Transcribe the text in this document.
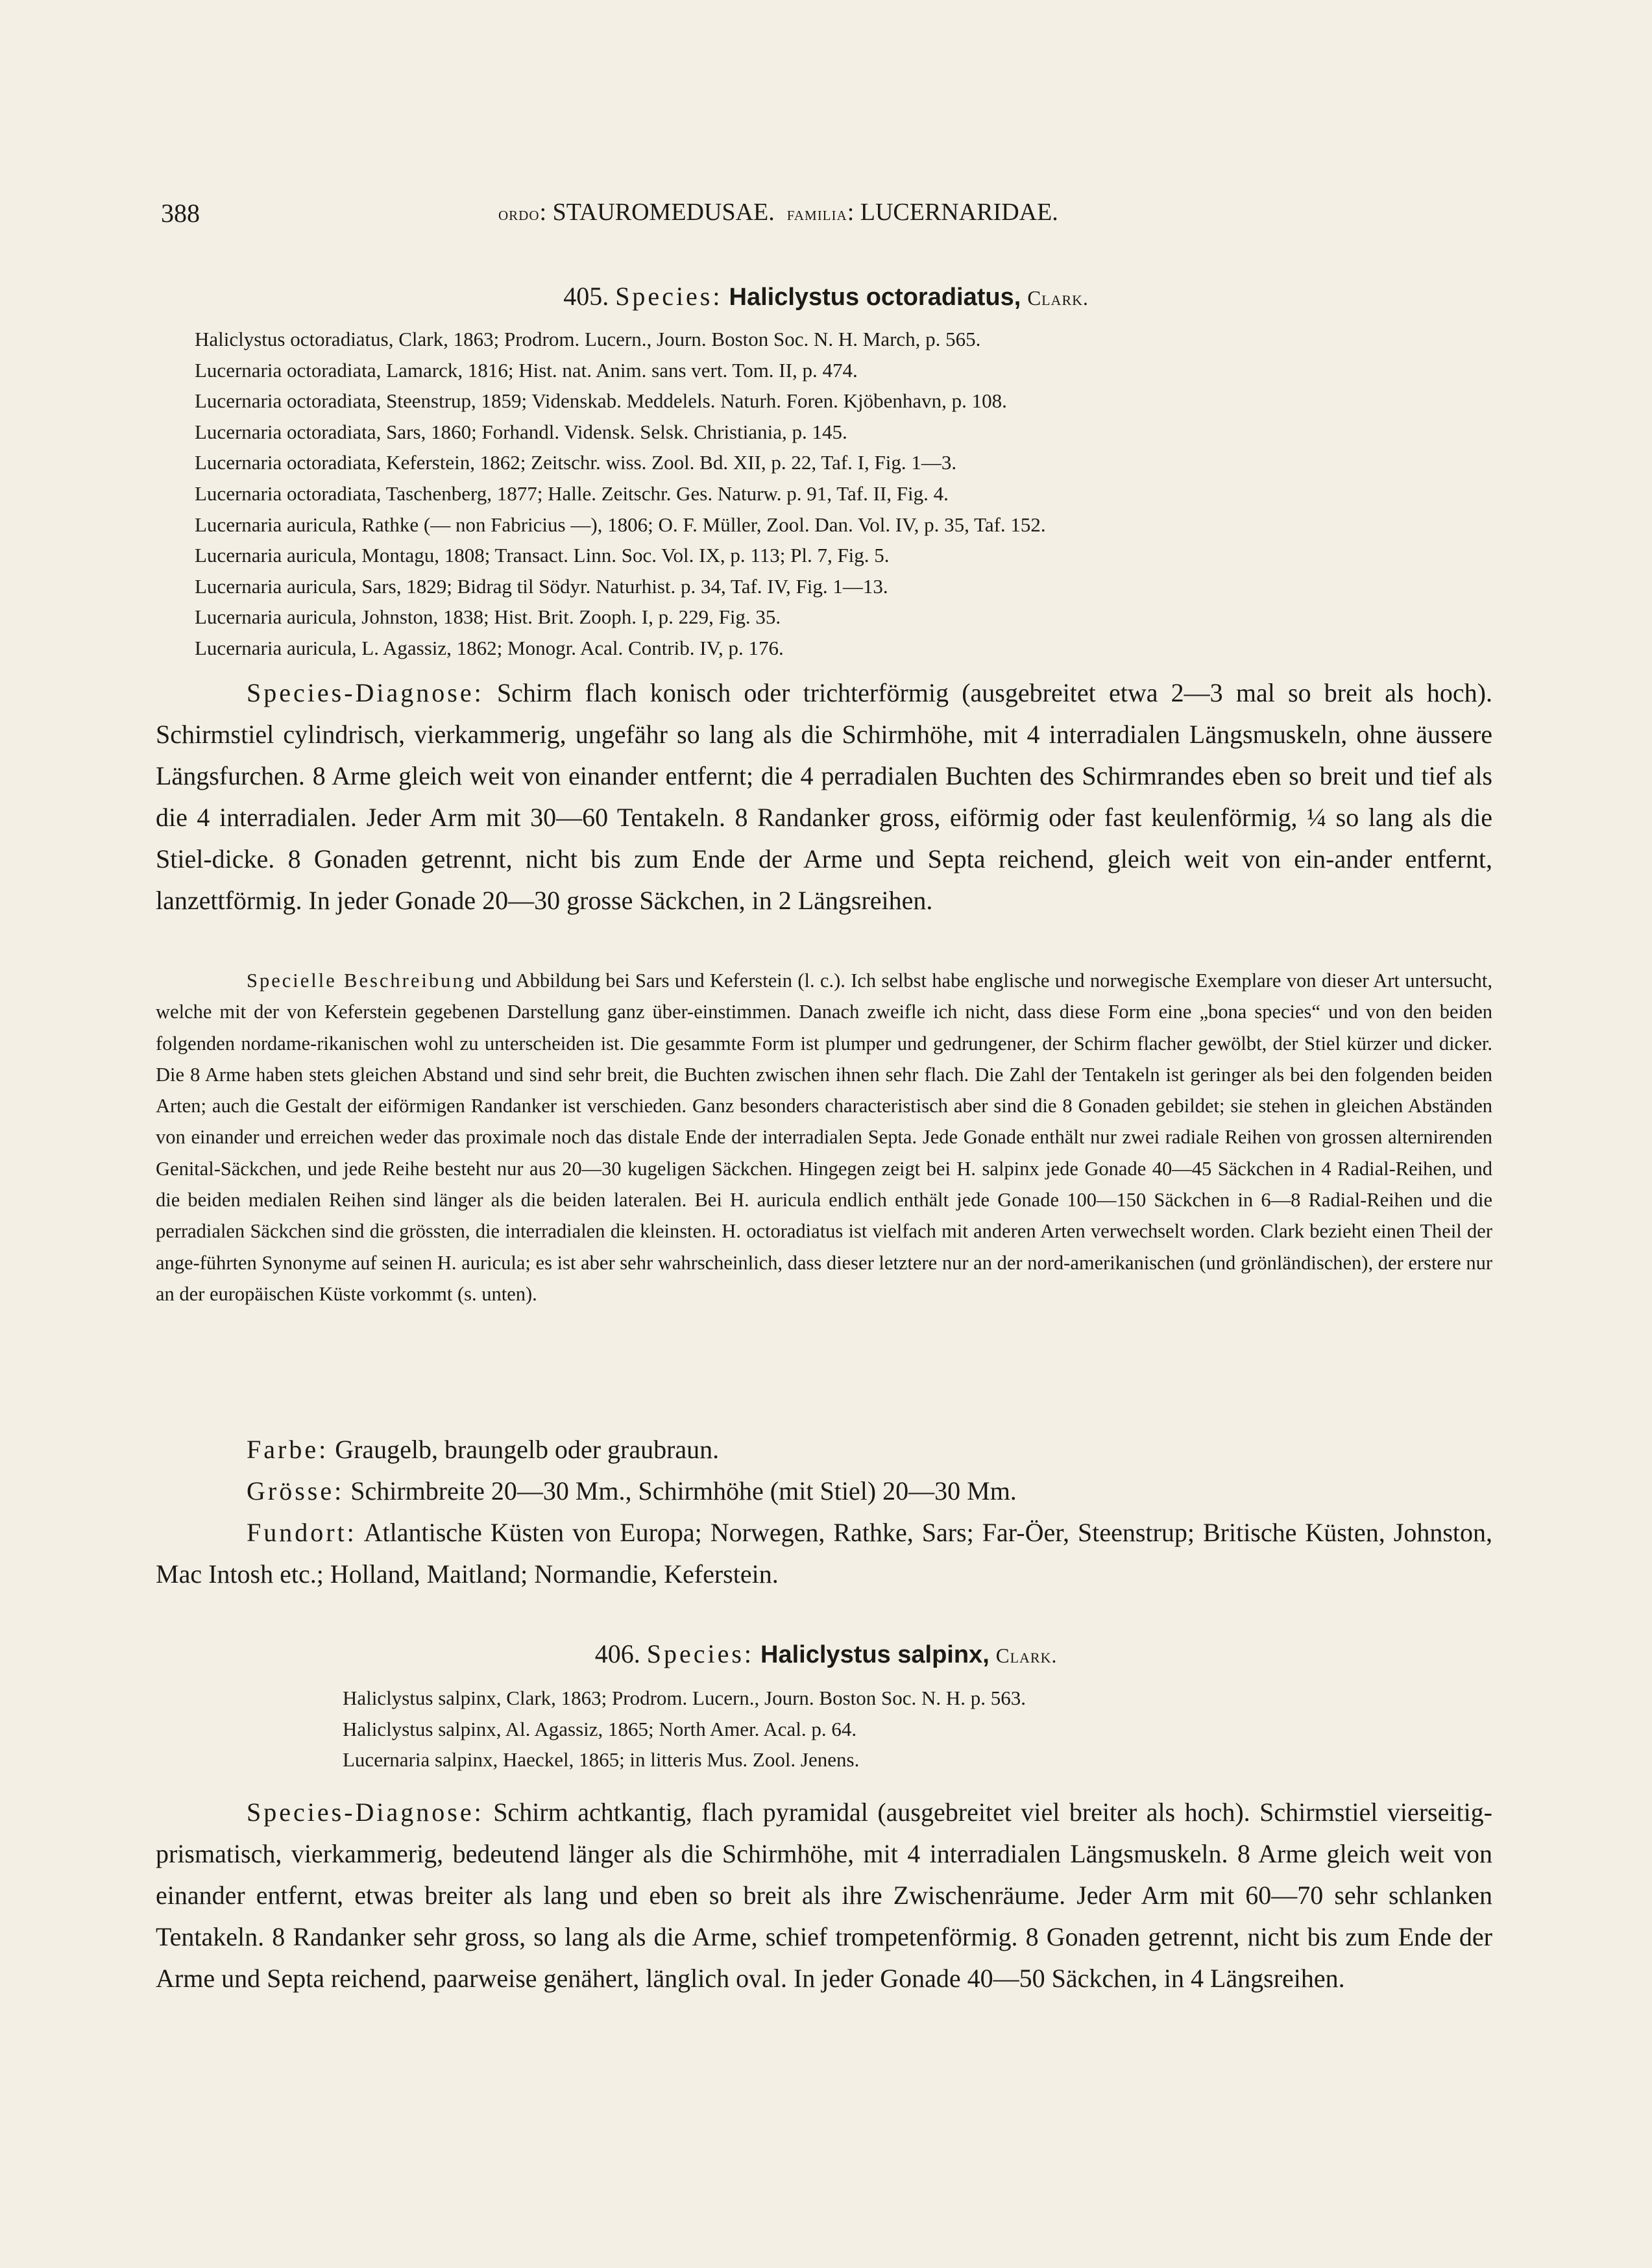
388	ordo: STAUROMEDUSAE. familia: LUCERNARIDAE.
405. Species: Haliclystus octoradiatus, Clark.
Haliclystus octoradiatus, Clark, 1863; Prodrom. Lucern., Journ. Boston Soc. N. H. March, p. 565.
Lucernaria octoradiata, Lamarck, 1816; Hist. nat. Anim. sans vert. Tom. II, p. 474.
Lucernaria octoradiata, Steenstrup, 1859; Videnskab. Meddelels. Naturh. Foren. Kjöbenhavn, p. 108.
Lucernaria octoradiata, Sars, 1860; Forhandl. Vidensk. Selsk. Christiania, p. 145.
Lucernaria octoradiata, Keferstein, 1862; Zeitschr. wiss. Zool. Bd. XII, p. 22, Taf. I, Fig. 1—3.
Lucernaria octoradiata, Taschenberg, 1877; Halle. Zeitschr. Ges. Naturw. p. 91, Taf. II, Fig. 4.
Lucernaria auricula, Rathke (— non Fabricius —), 1806; O. F. Müller, Zool. Dan. Vol. IV, p. 35, Taf. 152.
Lucernaria auricula, Montagu, 1808; Transact. Linn. Soc. Vol. IX, p. 113; Pl. 7, Fig. 5.
Lucernaria auricula, Sars, 1829; Bidrag til Södyr. Naturhist. p. 34, Taf. IV, Fig. 1—13.
Lucernaria auricula, Johnston, 1838; Hist. Brit. Zooph. I, p. 229, Fig. 35.
Lucernaria auricula, L. Agassiz, 1862; Monogr. Acal. Contrib. IV, p. 176.
Species-Diagnose: Schirm flach konisch oder trichterförmig (ausgebreitet etwa 2—3 mal so breit als hoch). Schirmstiel cylindrisch, vierkammerig, ungefähr so lang als die Schirmhöhe, mit 4 interradialen Längsmuskeln, ohne äussere Längsfurchen. 8 Arme gleich weit von einander entfernt; die 4 perradialen Buchten des Schirmrandes eben so breit und tief als die 4 interradialen. Jeder Arm mit 30—60 Tentakeln. 8 Randanker gross, eiförmig oder fast keulenförmig, ¼ so lang als die Stiel-dicke. 8 Gonaden getrennt, nicht bis zum Ende der Arme und Septa reichend, gleich weit von ein-ander entfernt, lanzettförmig. In jeder Gonade 20—30 grosse Säckchen, in 2 Längsreihen.
Specielle Beschreibung und Abbildung bei Sars und Keferstein (l. c.). Ich selbst habe englische und norwegische Exemplare von dieser Art untersucht, welche mit der von Keferstein gegebenen Darstellung ganz über-einstimmen. Danach zweifle ich nicht, dass diese Form eine „bona species“ und von den beiden folgenden nordame-rikanischen wohl zu unterscheiden ist. Die gesammte Form ist plumper und gedrungener, der Schirm flacher gewölbt, der Stiel kürzer und dicker. Die 8 Arme haben stets gleichen Abstand und sind sehr breit, die Buchten zwischen ihnen sehr flach. Die Zahl der Tentakeln ist geringer als bei den folgenden beiden Arten; auch die Gestalt der eiförmigen Randanker ist verschieden. Ganz besonders characteristisch aber sind die 8 Gonaden gebildet; sie stehen in gleichen Abständen von einander und erreichen weder das proximale noch das distale Ende der interradialen Septa. Jede Gonade enthält nur zwei radiale Reihen von grossen alternirenden Genital-Säckchen, und jede Reihe besteht nur aus 20—30 kugeligen Säckchen. Hingegen zeigt bei H. salpinx jede Gonade 40—45 Säckchen in 4 Radial-Reihen, und die beiden medialen Reihen sind länger als die beiden lateralen. Bei H. auricula endlich enthält jede Gonade 100—150 Säckchen in 6—8 Radial-Reihen und die perradialen Säckchen sind die grössten, die interradialen die kleinsten. H. octoradiatus ist vielfach mit anderen Arten verwechselt worden. Clark bezieht einen Theil der ange-führten Synonyme auf seinen H. auricula; es ist aber sehr wahrscheinlich, dass dieser letztere nur an der nord-amerikanischen (und grönländischen), der erstere nur an der europäischen Küste vorkommt (s. unten).
Farbe: Graugelb, braungelb oder graubraun.
Grösse: Schirmbreite 20—30 Mm., Schirmhöhe (mit Stiel) 20—30 Mm.
Fundort: Atlantische Küsten von Europa; Norwegen, Rathke, Sars; Far-Öer, Steenstrup; Britische Küsten, Johnston, Mac Intosh etc.; Holland, Maitland; Normandie, Keferstein.
406. Species: Haliclystus salpinx, Clark.
Haliclystus salpinx, Clark, 1863; Prodrom. Lucern., Journ. Boston Soc. N. H. p. 563.
Haliclystus salpinx, Al. Agassiz, 1865; North Amer. Acal. p. 64.
Lucernaria salpinx, Haeckel, 1865; in litteris Mus. Zool. Jenens.
Species-Diagnose: Schirm achtkantig, flach pyramidal (ausgebreitet viel breiter als hoch). Schirmstiel vierseitig-prismatisch, vierkammerig, bedeutend länger als die Schirmhöhe, mit 4 interradialen Längsmuskeln. 8 Arme gleich weit von einander entfernt, etwas breiter als lang und eben so breit als ihre Zwischenräume. Jeder Arm mit 60—70 sehr schlanken Tentakeln. 8 Randanker sehr gross, so lang als die Arme, schief trompetenförmig. 8 Gonaden getrennt, nicht bis zum Ende der Arme und Septa reichend, paarweise genähert, länglich oval. In jeder Gonade 40—50 Säckchen, in 4 Längsreihen.
